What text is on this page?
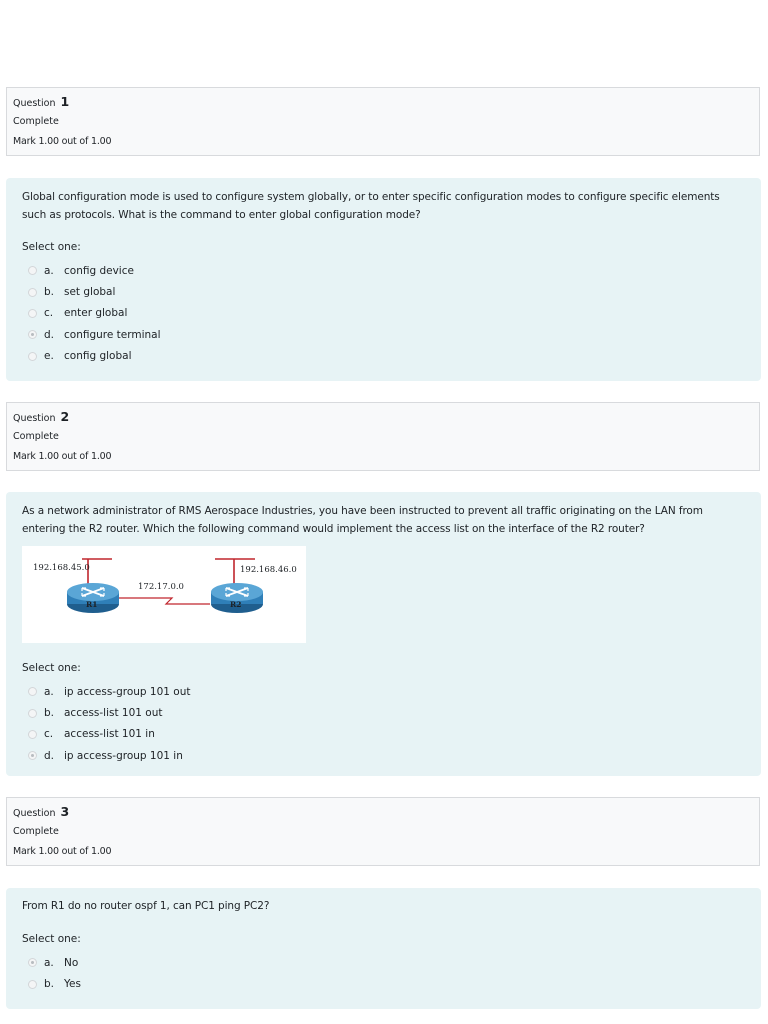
Question 1
Complete
Mark 1.00 out of 1.00
Global configuration mode is used to configure system globally, or to enter specific configuration modes to configure specific elements such as protocols. What is the command to enter global configuration mode?
Select one:
a. config device
b. set global
c.	enter global
d. configure terminal
e. config global
Question 2
Complete
Mark 1.00 out of 1.00
As a network administrator of RMS Aerospace Industries, you have been instructed to prevent all traffic originating on the LAN from entering the R2 router. Which the following command would implement the access list on the interface of the R2 router?
192.168.45.0
172.17.0.0
192.168.46.0
R1	R2
Select one:
a. ip access-group 101 out
b. access-list 101 out
c.	access-list 101 in
d. ip access-group 101 in
Question 3
Complete
Mark 1.00 out of 1.00
From R1 do no router ospf 1, can PC1 ping PC2?
Select one:
a. No
b. Yes
